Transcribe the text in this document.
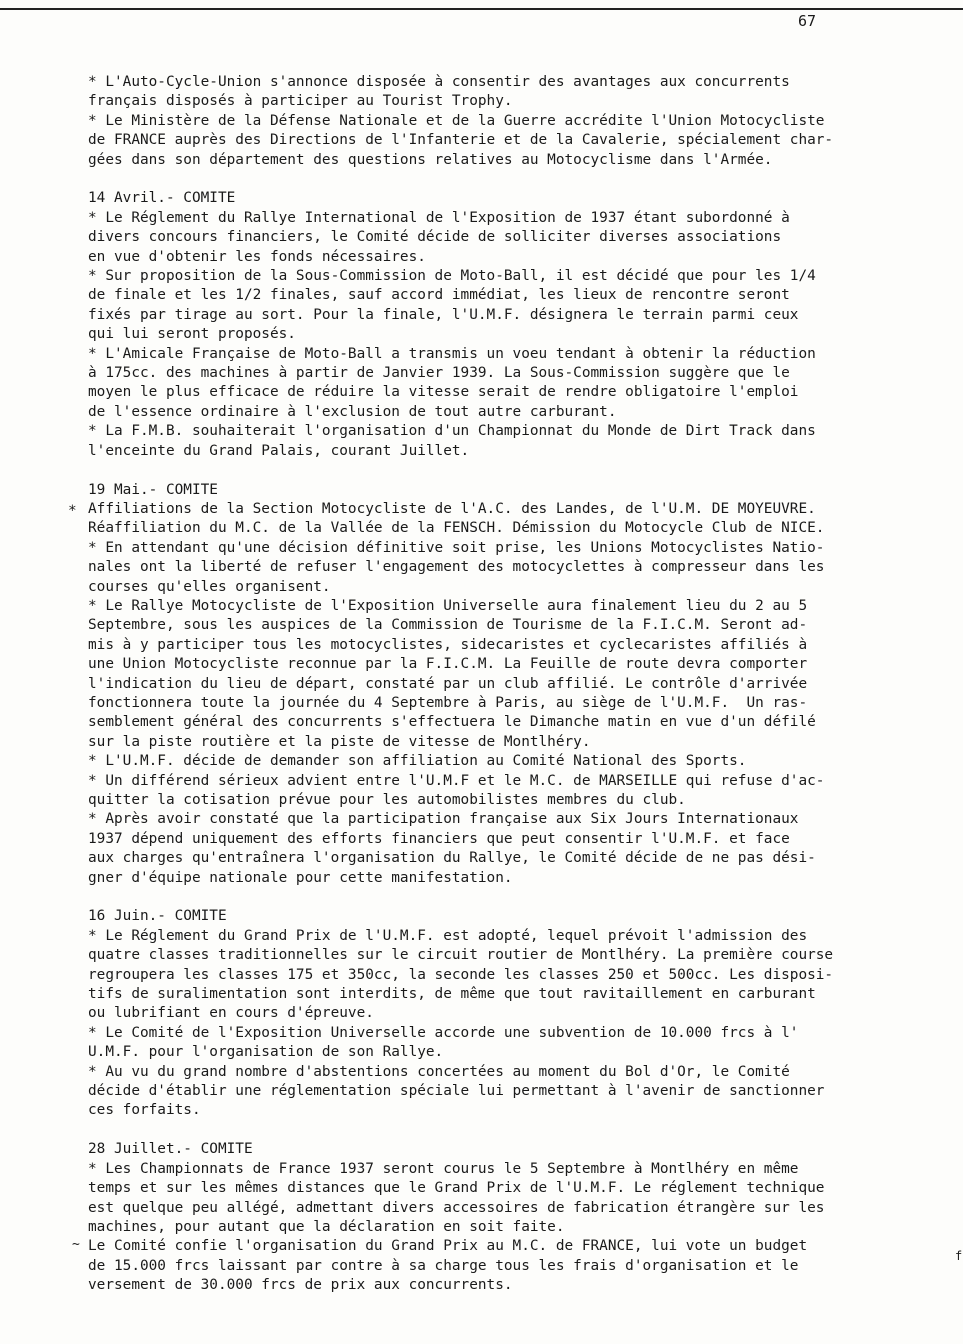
67
*
~
f

* L'Auto-Cycle-Union s'annonce disposée à consentir des avantages aux concurrents
français disposés à participer au Tourist Trophy.

* Le Ministère de la Défense Nationale et de la Guerre accrédite l'Union Motocycliste
de FRANCE auprès des Directions de l'Infanterie et de la Cavalerie, spécialement char-
gées dans son département des questions relatives au Motocyclisme dans l'Armée.

14 Avril.- COMITE

* Le Réglement du Rallye International de l'Exposition de 1937 étant subordonné à
divers concours financiers, le Comité décide de solliciter diverses associations
en vue d'obtenir les fonds nécessaires.

* Sur proposition de la Sous-Commission de Moto-Ball, il est décidé que pour les 1/4
de finale et les 1/2 finales, sauf accord immédiat, les lieux de rencontre seront
fixés par tirage au sort. Pour la finale, l'U.M.F. désignera le terrain parmi ceux
qui lui seront proposés.

* L'Amicale Française de Moto-Ball a transmis un voeu tendant à obtenir la réduction
à 175cc. des machines à partir de Janvier 1939. La Sous-Commission suggère que le
moyen le plus efficace de réduire la vitesse serait de rendre obligatoire l'emploi
de l'essence ordinaire à l'exclusion de tout autre carburant.

* La F.M.B. souhaiterait l'organisation d'un Championnat du Monde de Dirt Track dans
l'enceinte du Grand Palais, courant Juillet.

19 Mai.- COMITE

Affiliations de la Section Motocycliste de l'A.C. des Landes, de l'U.M. DE MOYEUVRE.
Réaffiliation du M.C. de la Vallée de la FENSCH. Démission du Motocycle Club de NICE.

* En attendant qu'une décision définitive soit prise, les Unions Motocyclistes Natio-
nales ont la liberté de refuser l'engagement des motocyclettes à compresseur dans les
courses qu'elles organisent.

* Le Rallye Motocycliste de l'Exposition Universelle aura finalement lieu du 2 au 5
Septembre, sous les auspices de la Commission de Tourisme de la F.I.C.M. Seront ad-
mis à y participer tous les motocyclistes, sidecaristes et cyclecaristes affiliés à
une Union Motocycliste reconnue par la F.I.C.M. La Feuille de route devra comporter
l'indication du lieu de départ, constaté par un club affilié. Le contrôle d'arrivée
fonctionnera toute la journée du 4 Septembre à Paris, au siège de l'U.M.F.  Un ras-
semblement général des concurrents s'effectuera le Dimanche matin en vue d'un défilé
sur la piste routière et la piste de vitesse de Montlhéry.

* L'U.M.F. décide de demander son affiliation au Comité National des Sports.

* Un différend sérieux advient entre l'U.M.F et le M.C. de MARSEILLE qui refuse d'ac-
quitter la cotisation prévue pour les automobilistes membres du club.

* Après avoir constaté que la participation française aux Six Jours Internationaux
1937 dépend uniquement des efforts financiers que peut consentir l'U.M.F. et face
aux charges qu'entraînera l'organisation du Rallye, le Comité décide de ne pas dési-
gner d'équipe nationale pour cette manifestation.

16 Juin.- COMITE

* Le Réglement du Grand Prix de l'U.M.F. est adopté, lequel prévoit l'admission des
quatre classes traditionnelles sur le circuit routier de Montlhéry. La première course
regroupera les classes 175 et 350cc, la seconde les classes 250 et 500cc. Les disposi-
tifs de suralimentation sont interdits, de même que tout ravitaillement en carburant
ou lubrifiant en cours d'épreuve.

* Le Comité de l'Exposition Universelle accorde une subvention de 10.000 frcs à l'
U.M.F. pour l'organisation de son Rallye.

* Au vu du grand nombre d'abstentions concertées au moment du Bol d'Or, le Comité
décide d'établir une réglementation spéciale lui permettant à l'avenir de sanctionner
ces forfaits.

28 Juillet.- COMITE

* Les Championnats de France 1937 seront courus le 5 Septembre à Montlhéry en même
temps et sur les mêmes distances que le Grand Prix de l'U.M.F. Le réglement technique
est quelque peu allégé, admettant divers accessoires de fabrication étrangère sur les
machines, pour autant que la déclaration en soit faite.

Le Comité confie l'organisation du Grand Prix au M.C. de FRANCE, lui vote un budget
de 15.000 frcs laissant par contre à sa charge tous les frais d'organisation et le
versement de 30.000 frcs de prix aux concurrents.
